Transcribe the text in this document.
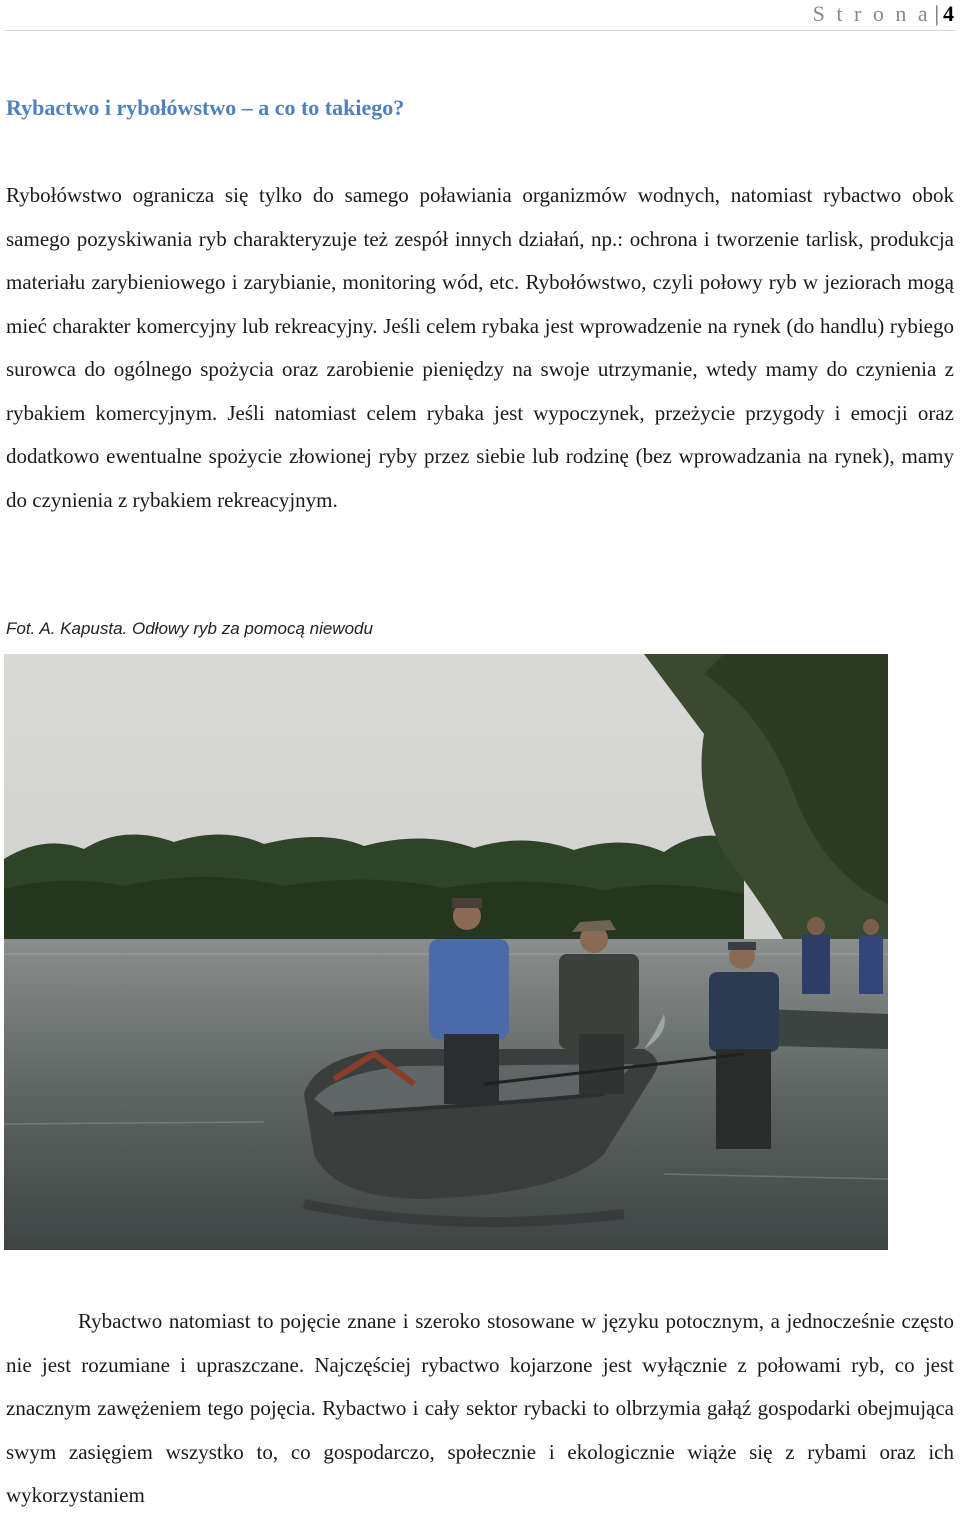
S t r o n a | 4
Rybactwo i rybołówstwo – a co to takiego?

Rybołówstwo ogranicza się tylko do samego poławiania organizmów wodnych, natomiast rybactwo obok samego pozyskiwania ryb charakteryzuje też zespół innych działań, np.: ochrona i tworzenie tarlisk, produkcja materiału zarybieniowego i zarybianie, monitoring wód, etc. Rybołówstwo, czyli połowy ryb w jeziorach mogą mieć charakter komercyjny lub rekreacyjny. Jeśli celem rybaka jest wprowadzenie na rynek (do handlu) rybiego surowca do ogólnego spożycia oraz zarobienie pieniędzy na swoje utrzymanie, wtedy mamy do czynienia z rybakiem komercyjnym. Jeśli natomiast celem rybaka jest wypoczynek, przeżycie przygody i emocji oraz dodatkowo ewentualne spożycie złowionej ryby przez siebie lub rodzinę (bez wprowadzania na rynek), mamy do czynienia z rybakiem rekreacyjnym.

Fot. A. Kapusta. Odłowy ryb za pomocą niewodu

Rybactwo natomiast to pojęcie znane i szeroko stosowane w języku potocznym, a jednocześnie często nie jest rozumiane i upraszczane. Najczęściej rybactwo kojarzone jest wyłącznie z połowami ryb, co jest znacznym zawężeniem tego pojęcia. Rybactwo i cały sektor rybacki to olbrzymia gałąź gospodarki obejmująca swym zasięgiem wszystko to, co gospodarczo, społecznie i ekologicznie wiąże się z rybami oraz ich wykorzystaniem
